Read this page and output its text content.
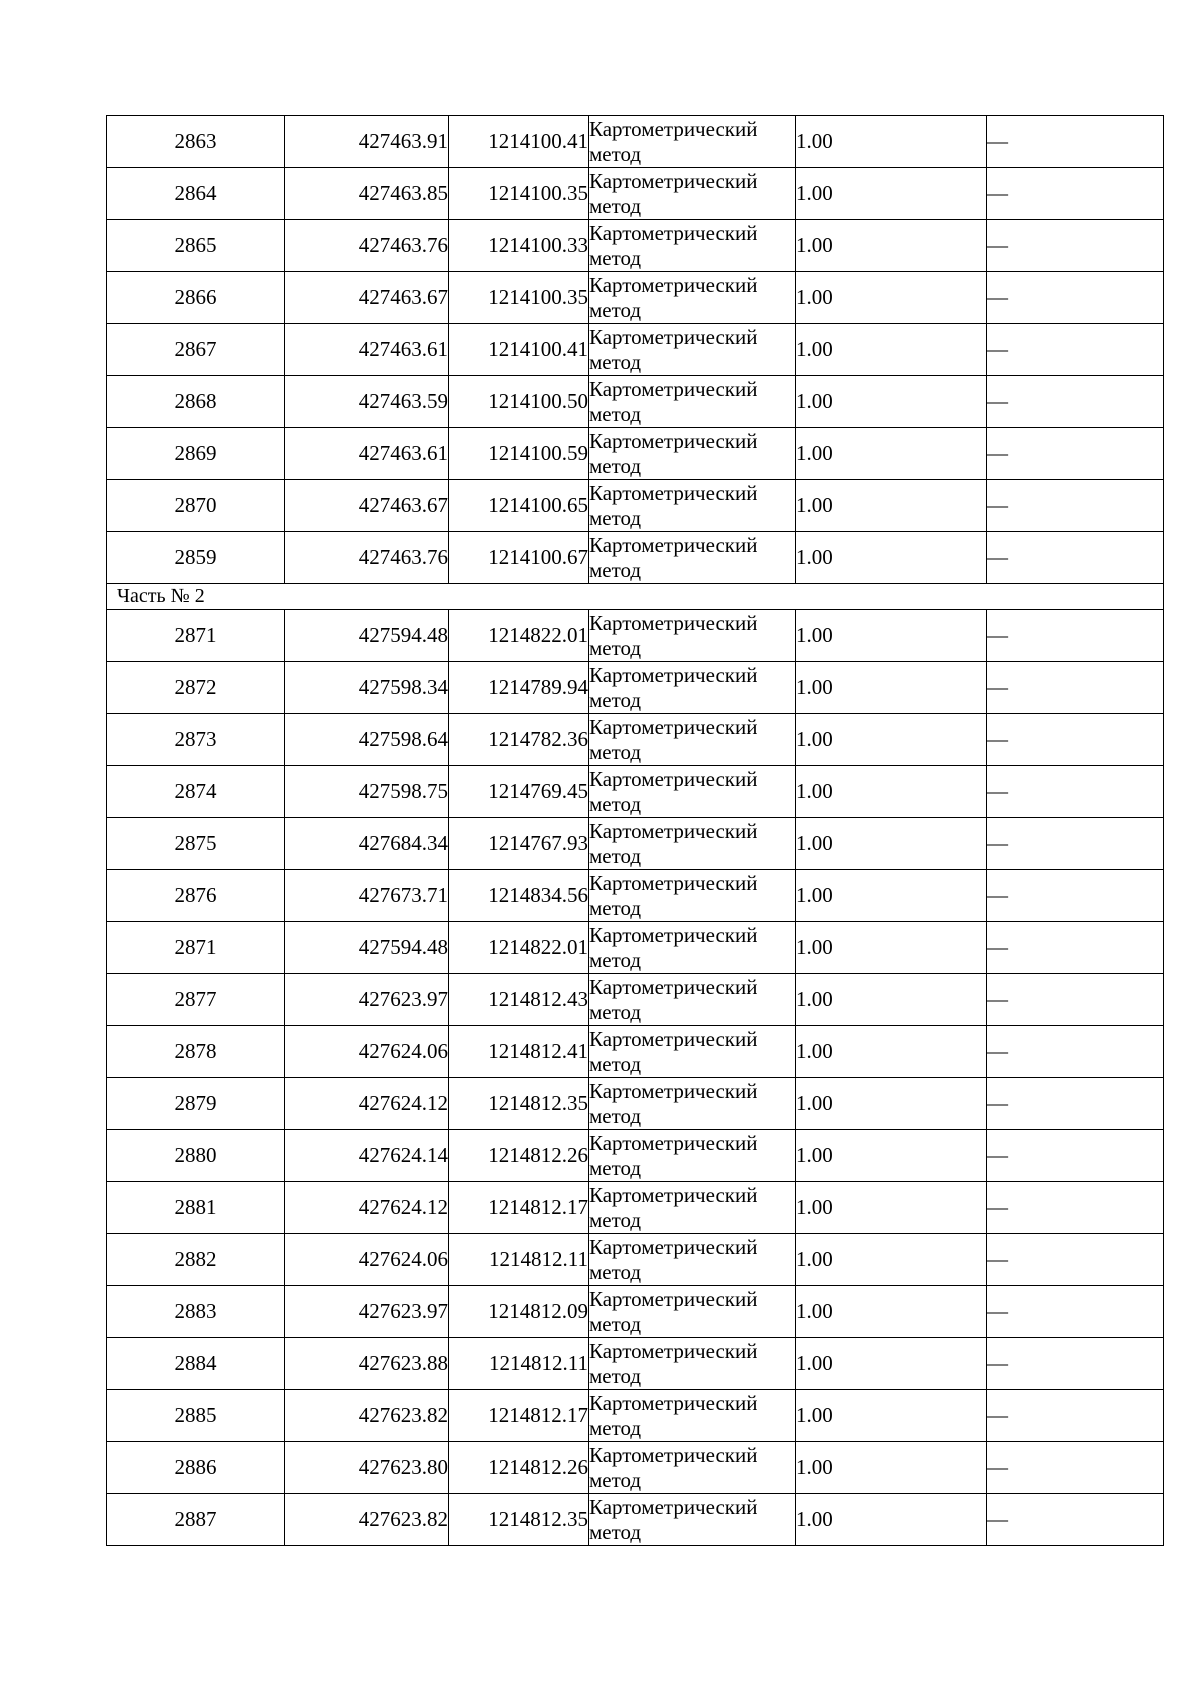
2863	427463.91	1214100.41	Картометрический
метод	1.00	—
2864	427463.85	1214100.35	Картометрический
метод	1.00	—
2865	427463.76	1214100.33	Картометрический
метод	1.00	—
2866	427463.67	1214100.35	Картометрический
метод	1.00	—
2867	427463.61	1214100.41	Картометрический
метод	1.00	—
2868	427463.59	1214100.50	Картометрический
метод	1.00	—
2869	427463.61	1214100.59	Картометрический
метод	1.00	—
2870	427463.67	1214100.65	Картометрический
метод	1.00	—
2859	427463.76	1214100.67	Картометрический
метод	1.00	—
Часть № 2					
2871	427594.48	1214822.01	Картометрический
метод	1.00	—
2872	427598.34	1214789.94	Картометрический
метод	1.00	—
2873	427598.64	1214782.36	Картометрический
метод	1.00	—
2874	427598.75	1214769.45	Картометрический
метод	1.00	—
2875	427684.34	1214767.93	Картометрический
метод	1.00	—
2876	427673.71	1214834.56	Картометрический
метод	1.00	—
2871	427594.48	1214822.01	Картометрический
метод	1.00	—
2877	427623.97	1214812.43	Картометрический
метод	1.00	—
2878	427624.06	1214812.41	Картометрический
метод	1.00	—
2879	427624.12	1214812.35	Картометрический
метод	1.00	—
2880	427624.14	1214812.26	Картометрический
метод	1.00	—
2881	427624.12	1214812.17	Картометрический
метод	1.00	—
2882	427624.06	1214812.11	Картометрический
метод	1.00	—
2883	427623.97	1214812.09	Картометрический
метод	1.00	—
2884	427623.88	1214812.11	Картометрический
метод	1.00	—
2885	427623.82	1214812.17	Картометрический
метод	1.00	—
2886	427623.80	1214812.26	Картометрический
метод	1.00	—
2887	427623.82	1214812.35	Картометрический
метод	1.00	—
